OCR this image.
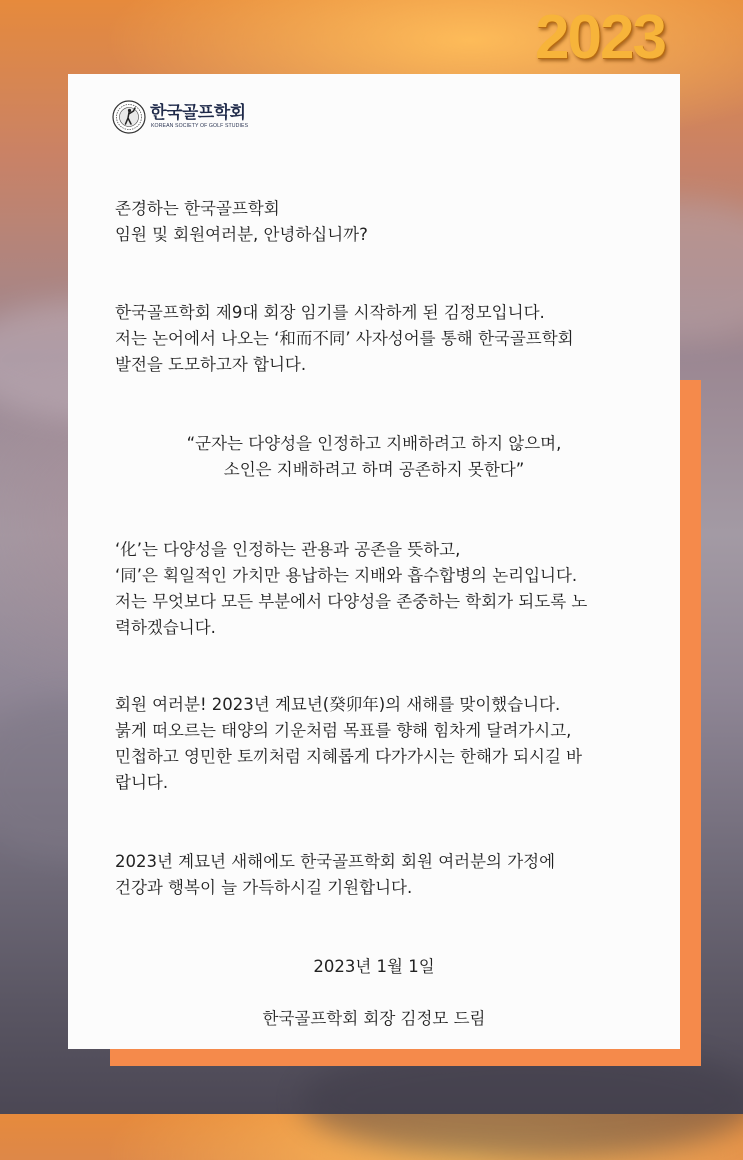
2023
한국골프학회
KOREAN SOCIETY OF GOLF STUDIES
존경하는 한국골프학회
임원 및 회원여러분, 안녕하십니까?
한국골프학회 제9대 회장 임기를 시작하게 된 김정모입니다.
저는 논어에서 나오는 ‘和而不同’ 사자성어를 통해 한국골프학회
발전을 도모하고자 합니다.
“군자는 다양성을 인정하고 지배하려고 하지 않으며,
소인은 지배하려고 하며 공존하지 못한다”
‘化’는 다양성을 인정하는 관용과 공존을 뜻하고,
‘同’은 획일적인 가치만 용납하는 지배와 흡수합병의 논리입니다.
저는 무엇보다 모든 부분에서 다양성을 존중하는 학회가 되도록 노
력하겠습니다.
회원 여러분! 2023년 계묘년(癸卯年)의 새해를 맞이했습니다.
붉게 떠오르는 태양의 기운처럼 목표를 향해 힘차게 달려가시고,
민첩하고 영민한 토끼처럼 지혜롭게 다가가시는 한해가 되시길 바
랍니다.
2023년 계묘년 새해에도 한국골프학회 회원 여러분의 가정에
건강과 행복이 늘 가득하시길 기원합니다.
2023년 1월 1일
한국골프학회 회장 김정모 드림
